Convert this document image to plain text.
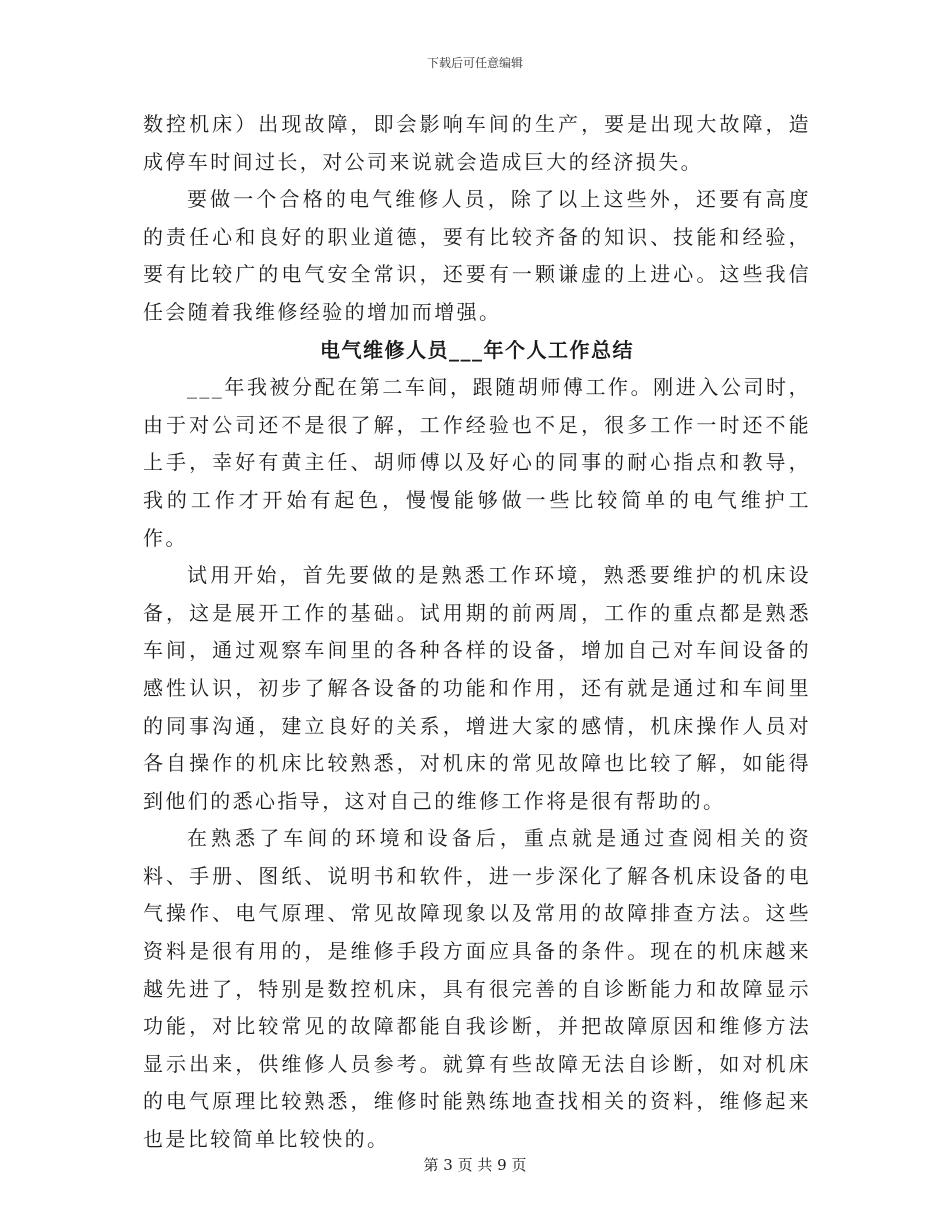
下载后可任意编辑

数控机床）出现故障，即会影响车间的生产，要是出现大故障，造成停车时间过长，对公司来说就会造成巨大的经济损失。

要做一个合格的电气维修人员，除了以上这些外，还要有高度的责任心和良好的职业道德，要有比较齐备的知识、技能和经验，要有比较广的电气安全常识，还要有一颗谦虚的上进心。这些我信任会随着我维修经验的增加而增强。

电气维修人员___年个人工作总结

___年我被分配在第二车间，跟随胡师傅工作。刚进入公司时，由于对公司还不是很了解，工作经验也不足，很多工作一时还不能上手，幸好有黄主任、胡师傅以及好心的同事的耐心指点和教导，我的工作才开始有起色，慢慢能够做一些比较简单的电气维护工作。

试用开始，首先要做的是熟悉工作环境，熟悉要维护的机床设备，这是展开工作的基础。试用期的前两周，工作的重点都是熟悉车间，通过观察车间里的各种各样的设备，增加自己对车间设备的感性认识，初步了解各设备的功能和作用，还有就是通过和车间里的同事沟通，建立良好的关系，增进大家的感情，机床操作人员对各自操作的机床比较熟悉，对机床的常见故障也比较了解，如能得到他们的悉心指导，这对自己的维修工作将是很有帮助的。

在熟悉了车间的环境和设备后，重点就是通过查阅相关的资料、手册、图纸、说明书和软件，进一步深化了解各机床设备的电气操作、电气原理、常见故障现象以及常用的故障排查方法。这些资料是很有用的，是维修手段方面应具备的条件。现在的机床越来越先进了，特别是数控机床，具有很完善的自诊断能力和故障显示功能，对比较常见的故障都能自我诊断，并把故障原因和维修方法显示出来，供维修人员参考。就算有些故障无法自诊断，如对机床的电气原理比较熟悉，维修时能熟练地查找相关的资料，维修起来也是比较简单比较快的。

第 3 页 共 9 页
